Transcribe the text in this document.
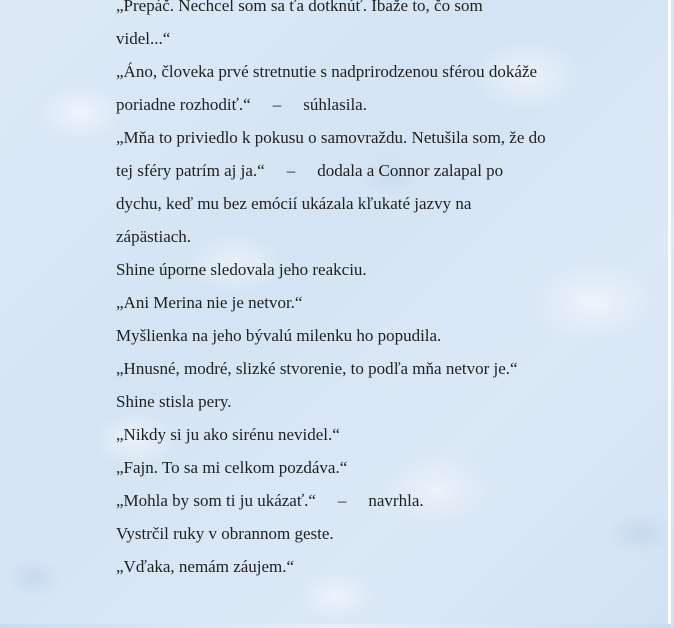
„Prepáč. Nechcel som sa ťa dotknúť. Ibaže to, čo som
videl...“
„Áno, človeka prvé stretnutie s nadprirodzenou sférou dokáže
poriadne rozhodiť.“ – súhlasila.
„Mňa to priviedlo k pokusu o samovraždu. Netušila som, že do
tej sféry patrím aj ja.“ – dodala a Connor zalapal po
dychu, keď mu bez emócií ukázala kľukaté jazvy na
zápästiach.
Shine úporne sledovala jeho reakciu.
„Ani Merina nie je netvor.“
Myšlienka na jeho bývalú milenku ho popudila.
„Hnusné, modré, slizké stvorenie, to podľa mňa netvor je.“
Shine stisla pery.
„Nikdy si ju ako sirénu nevidel.“
„Fajn. To sa mi celkom pozdáva.“
„Mohla by som ti ju ukázať.“ – navrhla.
Vystrčil ruky v obrannom geste.
„Vďaka, nemám záujem.“
